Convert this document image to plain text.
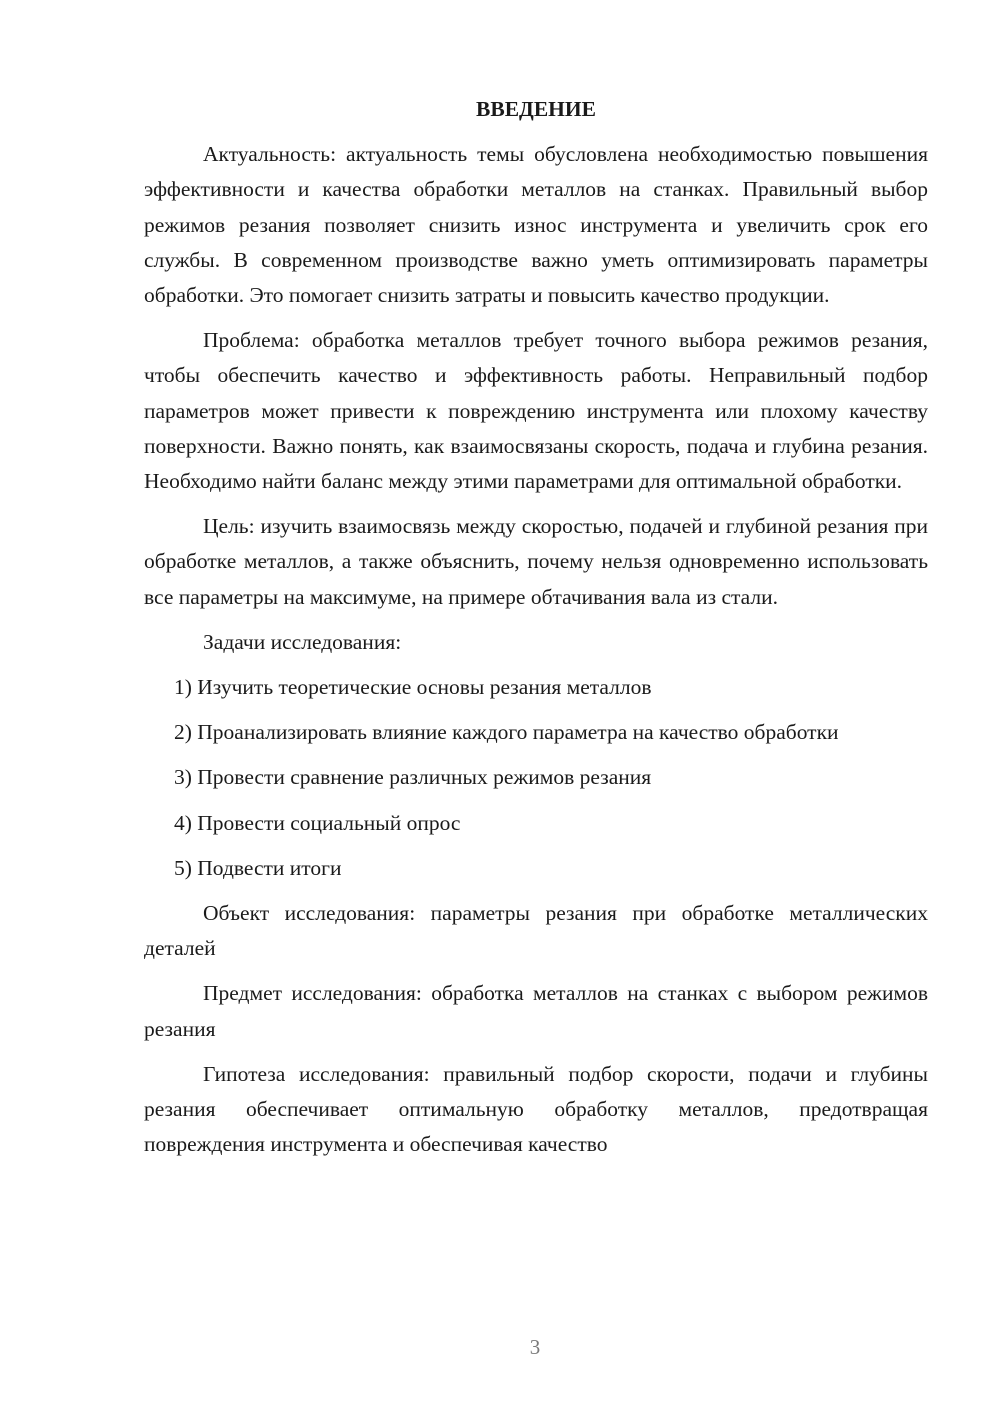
ВВЕДЕНИЕ

Актуальность: актуальность темы обусловлена необходимостью повышения эффективности и качества обработки металлов на станках. Правильный выбор режимов резания позволяет снизить износ инструмента и увеличить срок его службы. В современном производстве важно уметь оптимизировать параметры обработки. Это помогает снизить затраты и повысить качество продукции.

Проблема: обработка металлов требует точного выбора режимов резания, чтобы обеспечить качество и эффективность работы. Неправильный подбор параметров может привести к повреждению инструмента или плохому качеству поверхности. Важно понять, как взаимосвязаны скорость, подача и глубина резания. Необходимо найти баланс между этими параметрами для оптимальной обработки.

Цель: изучить взаимосвязь между скоростью, подачей и глубиной резания при обработке металлов, а также объяснить, почему нельзя одновременно использовать все параметры на максимуме, на примере обтачивания вала из стали.

Задачи исследования:

1) Изучить теоретические основы резания металлов

2) Проанализировать влияние каждого параметра на качество обработки

3) Провести сравнение различных режимов резания

4) Провести социальный опрос

5) Подвести итоги

Объект исследования: параметры резания при обработке металлических деталей

Предмет исследования: обработка металлов на станках с выбором режимов резания

Гипотеза исследования: правильный подбор скорости, подачи и глубины резания обеспечивает оптимальную обработку металлов, предотвращая повреждения инструмента и обеспечивая качество

3
